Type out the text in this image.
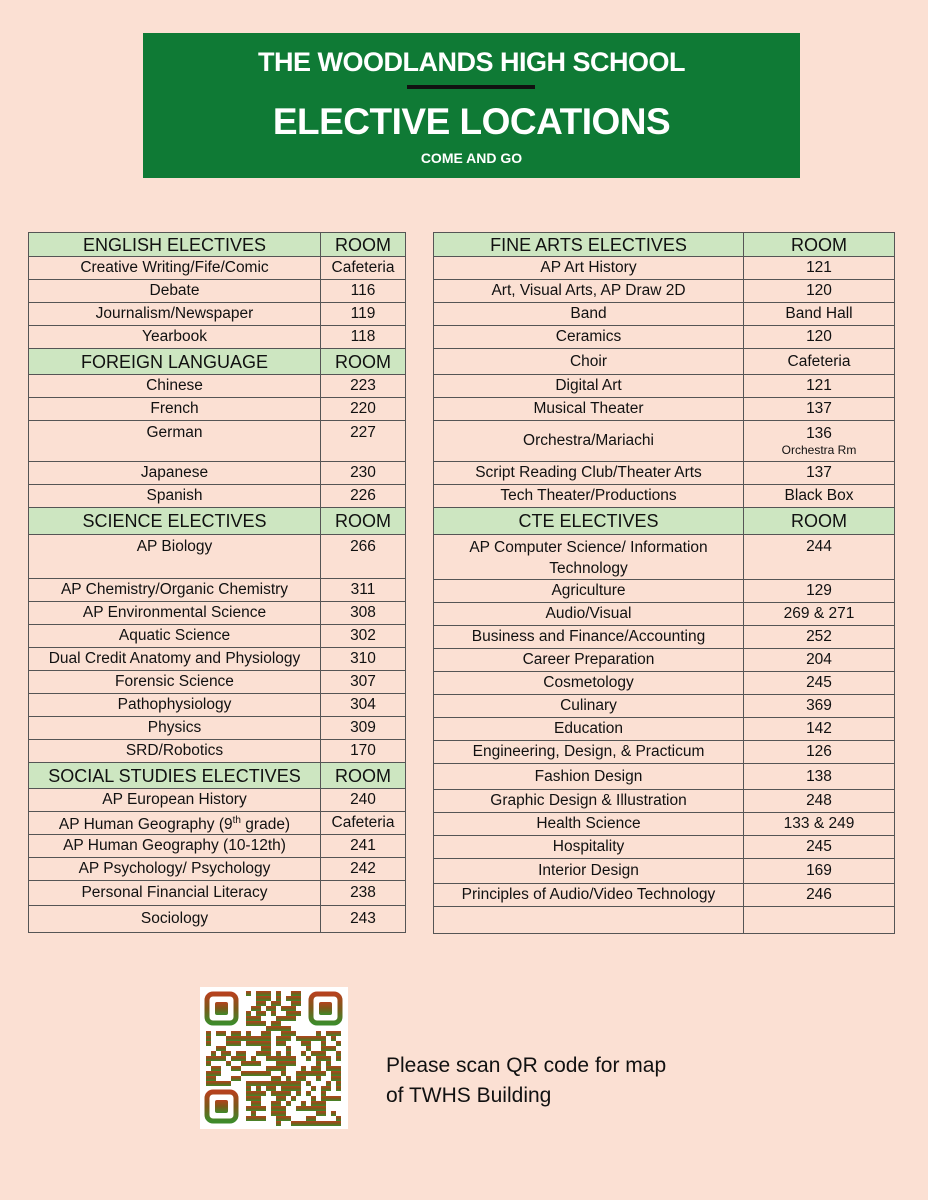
THE WOODLANDS HIGH SCHOOL
ELECTIVE LOCATIONS
COME AND GO
ENGLISH ELECTIVES	ROOM
Creative Writing/Fife/Comic	Cafeteria
Debate	116
Journalism/Newspaper	119
Yearbook	118
FOREIGN LANGUAGE	ROOM
Chinese	223
French	220
German	227
Japanese	230
Spanish	226
SCIENCE ELECTIVES	ROOM
AP Biology	266
AP Chemistry/Organic Chemistry	311
AP Environmental Science	308
Aquatic Science	302
Dual Credit Anatomy and Physiology	310
Forensic Science	307
Pathophysiology	304
Physics	309
SRD/Robotics	170
SOCIAL STUDIES ELECTIVES	ROOM
AP European History	240
AP Human Geography (9th grade)	Cafeteria
AP Human Geography (10-12th)	241
AP Psychology/ Psychology	242
Personal Financial Literacy	238
Sociology	243
FINE ARTS ELECTIVES	ROOM
AP Art History	121
Art, Visual Arts, AP Draw 2D	120
Band	Band Hall
Ceramics	120
Choir	Cafeteria
Digital Art	121
Musical Theater	137
Orchestra/Mariachi	136
Orchestra Rm

Script Reading Club/Theater Arts	137
Tech Theater/Productions	Black Box
CTE ELECTIVES	ROOM
AP Computer Science/ Information Technology	244
Agriculture	129
Audio/Visual	269 & 271
Business and Finance/Accounting	252
Career Preparation	204
Cosmetology	245
Culinary	369
Education	142
Engineering, Design, & Practicum	126
Fashion Design	138
Graphic Design & Illustration	248
Health Science	133 & 249
Hospitality	245
Interior Design	169
Principles of Audio/Video Technology	246

Please scan QR code for map
of TWHS Building
